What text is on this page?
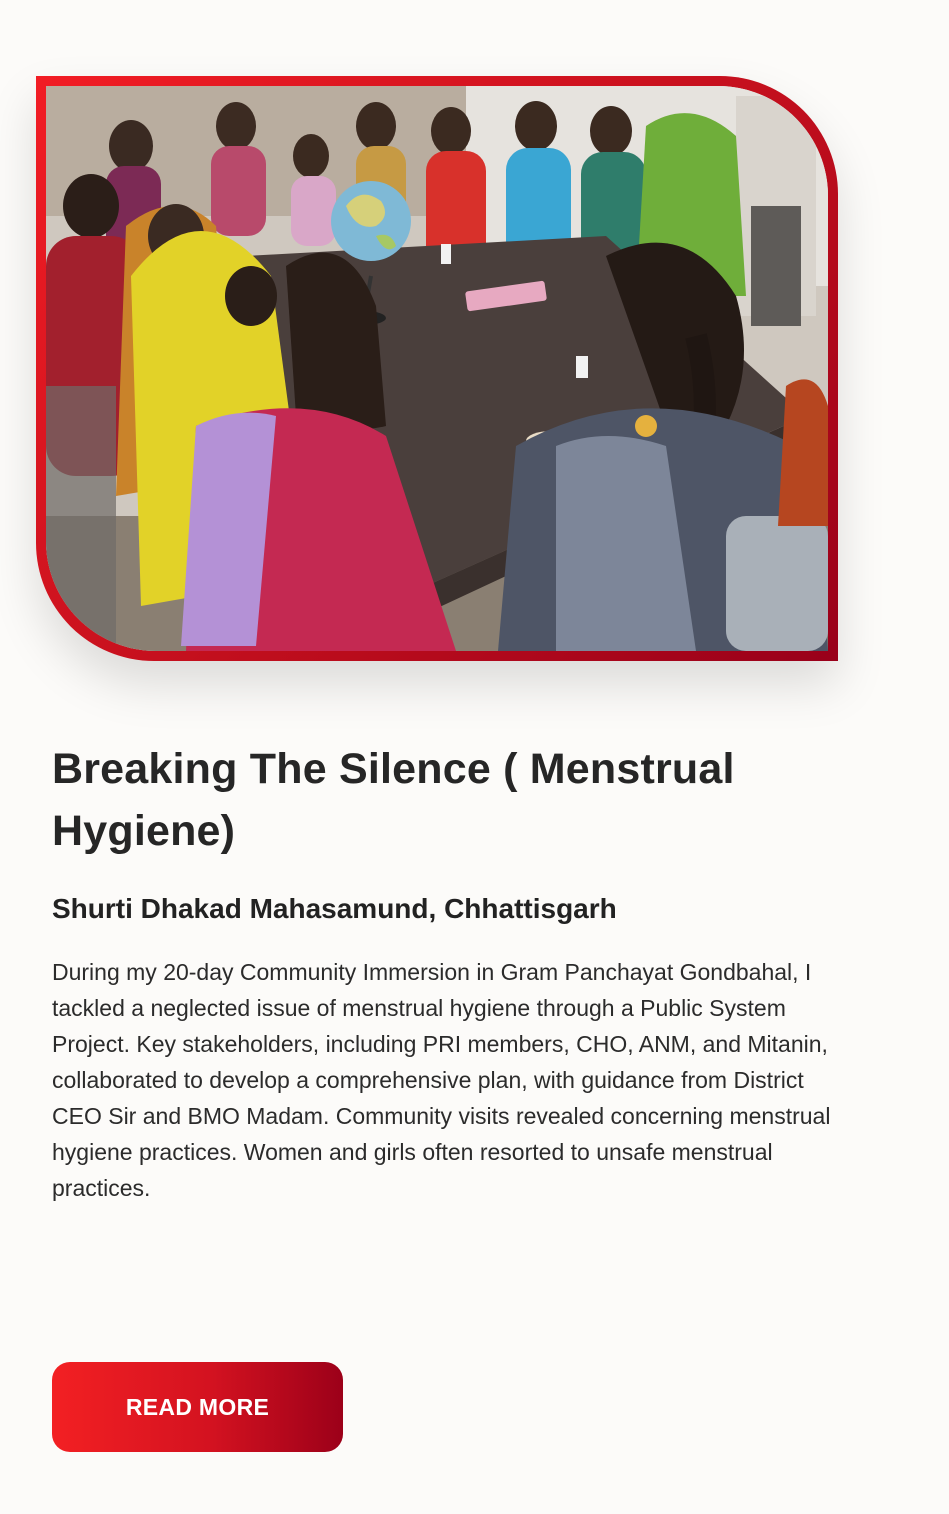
Breaking The Silence ( Menstrual Hygiene)
Shurti Dhakad Mahasamund, Chhattisgarh

During my 20-day Community Immersion in Gram Panchayat Gondbahal, I tackled a neglected issue of menstrual hygiene through a Public System Project. Key stakeholders, including PRI members, CHO, ANM, and Mitanin, collaborated to develop a comprehensive plan, with guidance from District CEO Sir and BMO Madam. Community visits revealed concerning menstrual hygiene practices. Women and girls often resorted to unsafe menstrual practices.

READ MORE
